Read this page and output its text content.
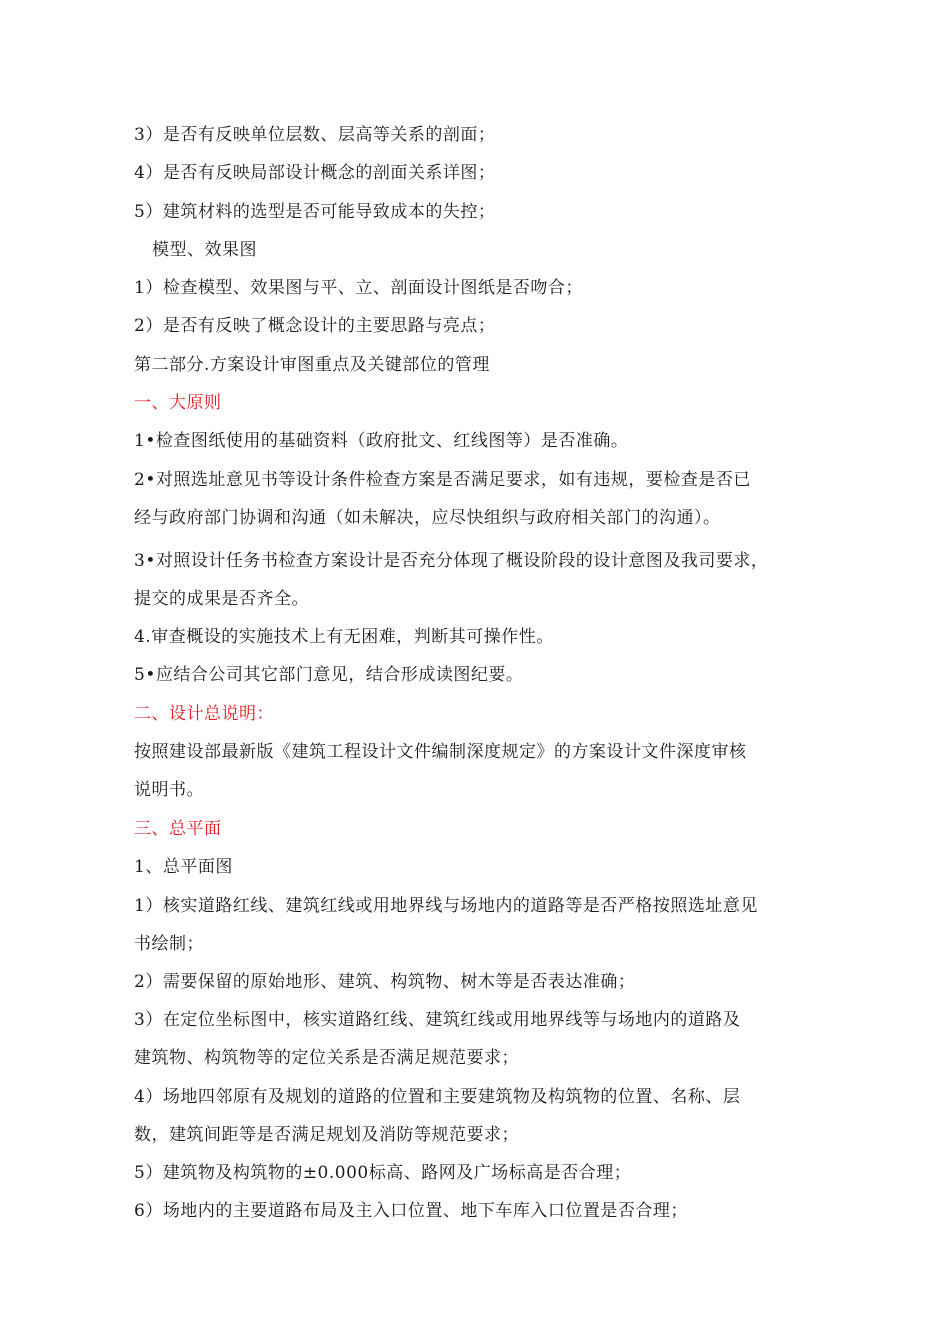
3）是否有反映单位层数、层高等关系的剖面；
4）是否有反映局部设计概念的剖面关系详图；
5）建筑材料的选型是否可能导致成本的失控；
模型、效果图
1）检查模型、效果图与平、立、剖面设计图纸是否吻合；
2）是否有反映了概念设计的主要思路与亮点；
第二部分.方案设计审图重点及关键部位的管理
一、大原则
1•检查图纸使用的基础资料（政府批文、红线图等）是否准确。
2•对照选址意见书等设计条件检查方案是否满足要求，如有违规，要检查是否已
经与政府部门协调和沟通（如未解决，应尽快组织与政府相关部门的沟通）。
3•对照设计任务书检查方案设计是否充分体现了概设阶段的设计意图及我司要求，
提交的成果是否齐全。
4.审查概设的实施技术上有无困难，判断其可操作性。
5•应结合公司其它部门意见，结合形成读图纪要。
二、设计总说明：
按照建设部最新版《建筑工程设计文件编制深度规定》的方案设计文件深度审核
说明书。
三、总平面
1、总平面图
1）核实道路红线、建筑红线或用地界线与场地内的道路等是否严格按照选址意见
书绘制；
2）需要保留的原始地形、建筑、构筑物、树木等是否表达准确；
3）在定位坐标图中，核实道路红线、建筑红线或用地界线等与场地内的道路及
建筑物、构筑物等的定位关系是否满足规范要求；
4）场地四邻原有及规划的道路的位置和主要建筑物及构筑物的位置、名称、层
数，建筑间距等是否满足规划及消防等规范要求；
5）建筑物及构筑物的±0.000标高、路网及广场标高是否合理；
6）场地内的主要道路布局及主入口位置、地下车库入口位置是否合理；
